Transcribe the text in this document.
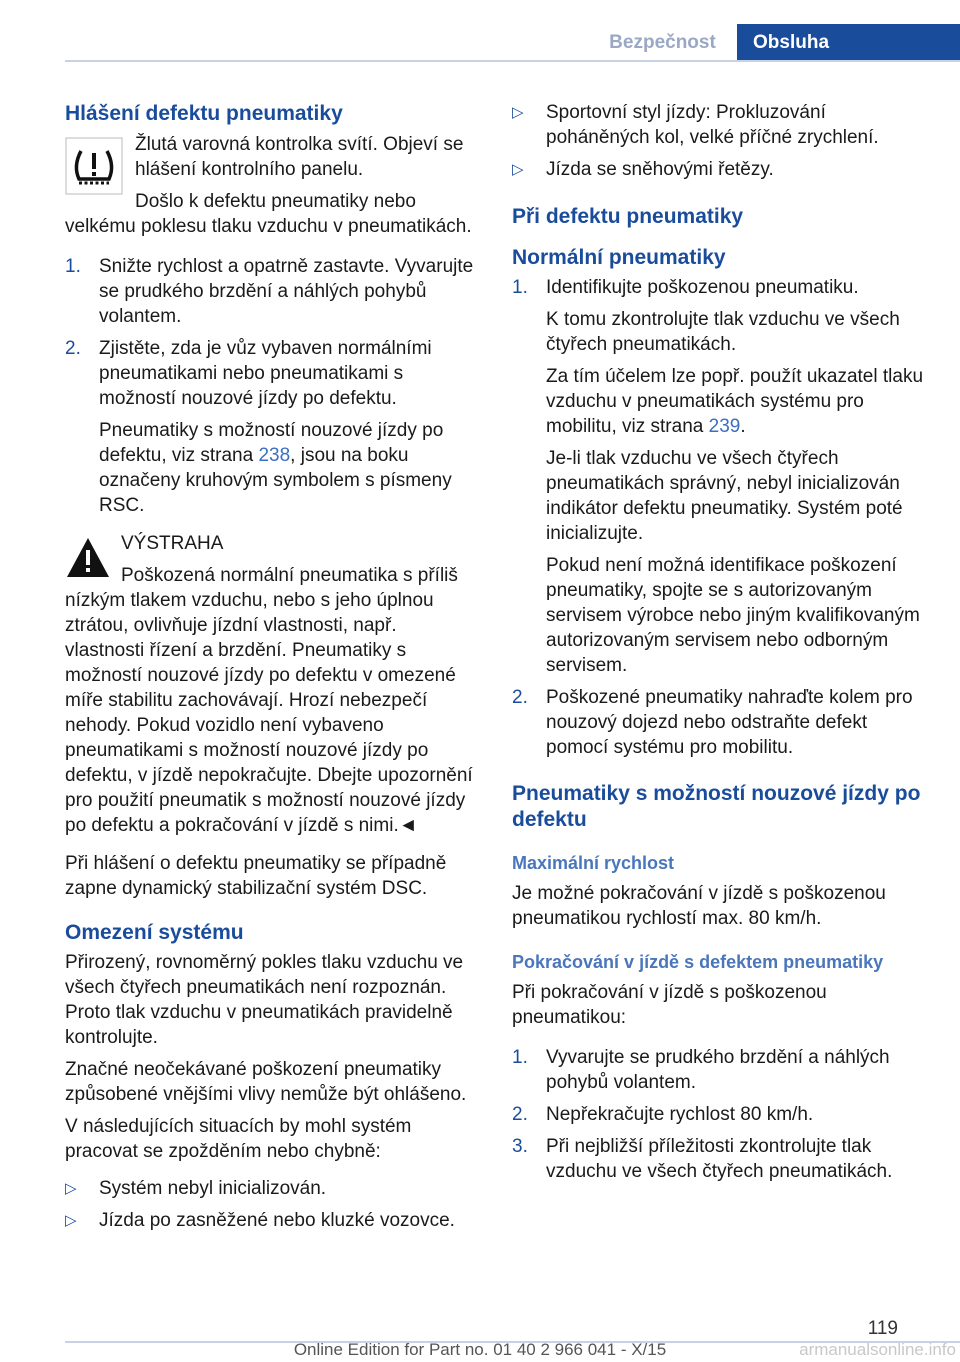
Bezpečnost	Obsluha
Hlášení defektu pneumatiky

Žlutá varovná kontrolka svítí. Objeví se hlášení kontrolního panelu.

Došlo k defektu pneumatiky nebo velkému poklesu tlaku vzduchu v pneumatikách.

1. Snižte rychlost a opatrně zastavte. Vyvarujte se prudkého brzdění a náhlých pohybů volantem.
2. Zjistěte, zda je vůz vybaven normálními pneumatikami nebo pneumatikami s možností nouzové jízdy po defektu.
Pneumatiky s možností nouzové jízdy po defektu, viz strana 238, jsou na boku označeny kruhovým symbolem s písmeny RSC.

VÝSTRAHA

Poškozená normální pneumatika s příliš nízkým tlakem vzduchu, nebo s jeho úplnou ztrátou, ovlivňuje jízdní vlastnosti, např. vlastnosti řízení a brzdění. Pneumatiky s možností nouzové jízdy po defektu v omezené míře stabilitu zachovávají. Hrozí nebezpečí nehody. Pokud vozidlo není vybaveno pneumatikami s možností nouzové jízdy po defektu, v jízdě nepokračujte. Dbejte upozornění pro použití pneumatik s možností nouzové jízdy po defektu a pokračování v jízdě s nimi.◄

Při hlášení o defektu pneumatiky se případně zapne dynamický stabilizační systém DSC.

Omezení systému

Přirozený, rovnoměrný pokles tlaku vzduchu ve všech čtyřech pneumatikách není rozpoznán. Proto tlak vzduchu v pneumatikách pravidelně kontrolujte.

Značné neočekávané poškození pneumatiky způsobené vnějšími vlivy nemůže být ohlášeno.

V následujících situacích by mohl systém pracovat se zpožděním nebo chybně:

▷ Systém nebyl inicializován.
▷ Jízda po zasněžené nebo kluzké vozovce.
▷ Sportovní styl jízdy: Prokluzování poháněných kol, velké příčné zrychlení.
▷ Jízda se sněhovými řetězy.
Při defektu pneumatiky
Normální pneumatiky
1. Identifikujte poškozenou pneumatiku.
K tomu zkontrolujte tlak vzduchu ve všech čtyřech pneumatikách.
Za tím účelem lze popř. použít ukazatel tlaku vzduchu v pneumatikách systému pro mobilitu, viz strana 239.
Je-li tlak vzduchu ve všech čtyřech pneumatikách správný, nebyl inicializován indikátor defektu pneumatiky. Systém poté inicializujte.
Pokud není možná identifikace poškození pneumatiky, spojte se s autorizovaným servisem výrobce nebo jiným kvalifikovaným autorizovaným servisem nebo odborným servisem.
2. Poškozené pneumatiky nahraďte kolem pro nouzový dojezd nebo odstraňte defekt pomocí systému pro mobilitu.
Pneumatiky s možností nouzové jízdy po defektu
Maximální rychlost

Je možné pokračování v jízdě s poškozenou pneumatikou rychlostí max. 80 km/h.

Pokračování v jízdě s defektem pneumatiky

Při pokračování v jízdě s poškozenou pneumatikou:

1. Vyvarujte se prudkého brzdění a náhlých pohybů volantem.
2. Nepřekračujte rychlost 80 km/h.
3. Při nejbližší příležitosti zkontrolujte tlak vzduchu ve všech čtyřech pneumatikách.
119
Online Edition for Part no. 01 40 2 966 041 - X/15	armanualsonline.info
